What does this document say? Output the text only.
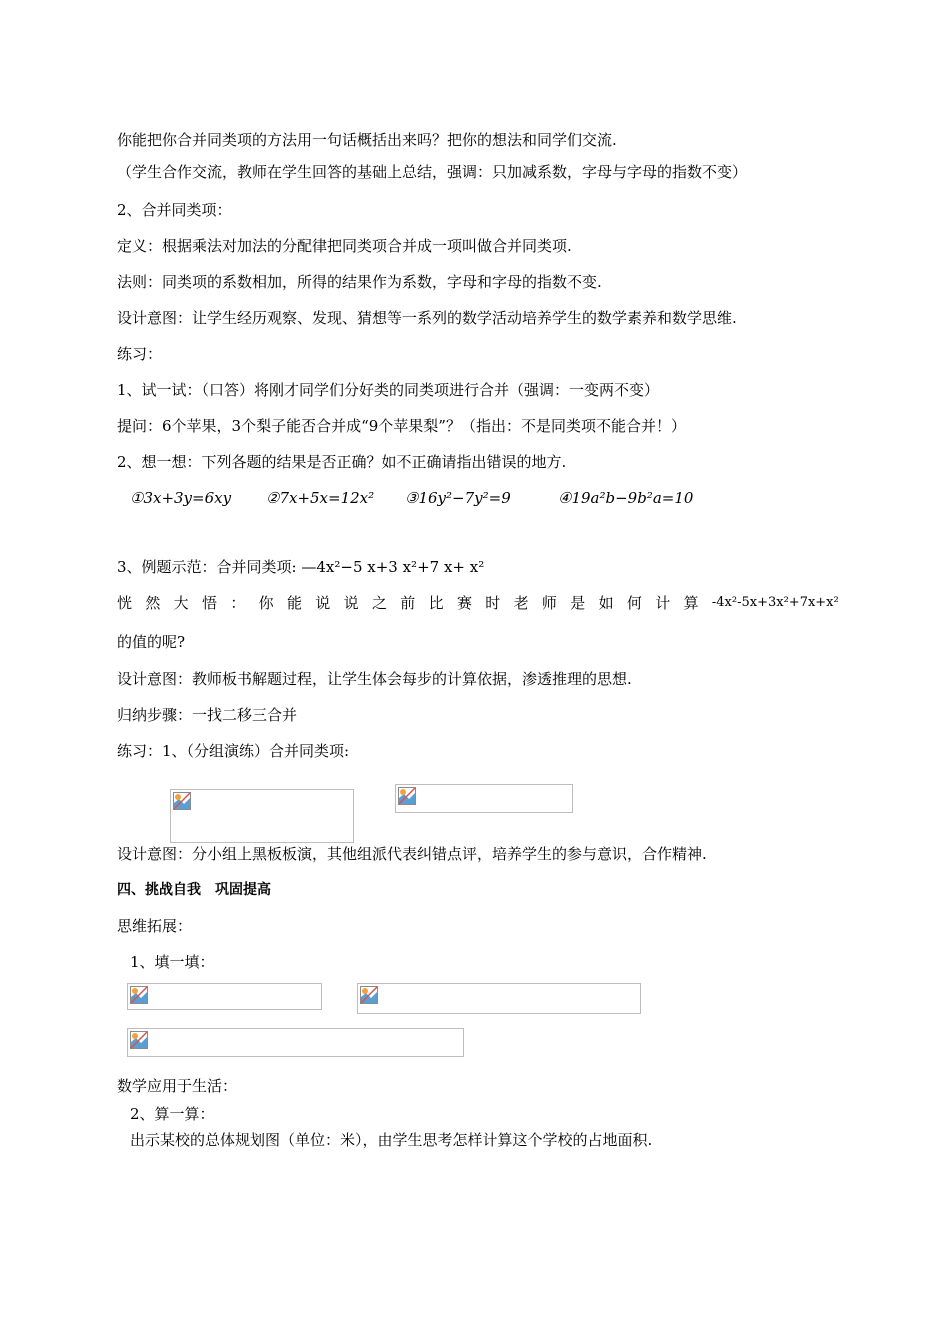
你能把你合并同类项的方法用一句话概括出来吗？把你的想法和同学们交流.
（学生合作交流，教师在学生回答的基础上总结，强调：只加减系数，字母与字母的指数不变）
2、合并同类项：
定义：根据乘法对加法的分配律把同类项合并成一项叫做合并同类项.
法则：同类项的系数相加，所得的结果作为系数，字母和字母的指数不变.
设计意图：让学生经历观察、发现、猜想等一系列的数学活动培养学生的数学素养和数学思维.
练习：
1、试一试：（口答）将刚才同学们分好类的同类项进行合并（强调：一变两不变）
提问：6个苹果，3个梨子能否合并成“9个苹果梨”？（指出：不是同类项不能合并！）
2、想一想：下列各题的结果是否正确？如不正确请指出错误的地方.
①3x+3y=6xy ②7x+5x=12x² ③16y²−7y²=9	④19a²b−9b²a=10
3、例题示范：合并同类项: —4x²−5 x+3 x²+7 x+ x²
恍 然 大 悟 ： 你 能 说 说 之 前 比 赛 时 老 师 是 如 何 计 算 -4x²-5x+3x²+7x+x²
的值的呢?
设计意图：教师板书解题过程，让学生体会每步的计算依据，渗透推理的思想.
归纳步骤：一找二移三合并
练习：1、（分组演练）合并同类项:
设计意图：分小组上黑板板演，其他组派代表纠错点评，培养学生的参与意识，合作精神.
四、挑战自我　巩固提高
思维拓展：
1、填一填：
数学应用于生活：
2、算一算：
出示某校的总体规划图（单位：米），由学生思考怎样计算这个学校的占地面积.
